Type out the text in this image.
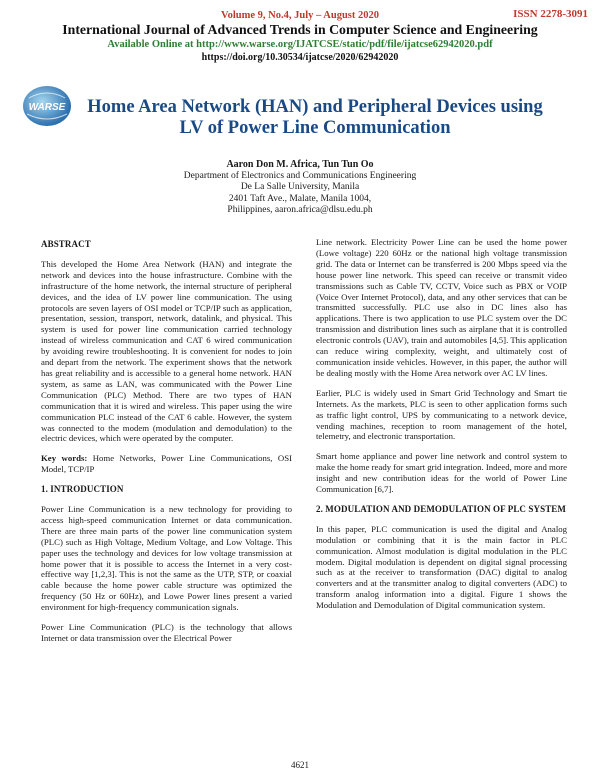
ISSN 2278-3091
Volume 9, No.4, July – August 2020
International Journal of Advanced Trends in Computer Science and Engineering
Available Online at http://www.warse.org/IJATCSE/static/pdf/file/ijatcse62942020.pdf
https://doi.org/10.30534/ijatcse/2020/62942020
WARSE	Home Area Network (HAN) and Peripheral Devices using
LV of Power Line Communication
Aaron Don M. Africa, Tun Tun Oo
Department of Electronics and Communications Engineering
De La Salle University, Manila
2401 Taft Ave., Malate, Manila 1004,
Philippines, aaron.africa@dlsu.edu.ph
ABSTRACT

This developed the Home Area Network (HAN) and integrate the network and devices into the house infrastructure. Combine with the infrastructure of the home network, the internal structure of peripheral devices, and the idea of LV power line communication. The using protocols are seven layers of OSI model or TCP/IP such as application, presentation, session, transport, network, datalink, and physical. This system is used for power line communication carried technology instead of wireless communication and CAT 6 wired communication by avoiding rewire troubleshooting. It is convenient for nodes to join and depart from the network. The experiment shows that the network has great reliability and is accessible to a general home network. HAN system, as same as LAN, was communicated with the Power Line Communication (PLC) Method. There are two types of HAN communication that it is wired and wireless. This paper using the wire communication PLC instead of the CAT 6 cable. However, the system was connected to the modem (modulation and demodulation) to the electric devices, which were operated by the computer.

Key words: Home Networks, Power Line Communications, OSI Model, TCP/IP

1. INTRODUCTION

Power Line Communication is a new technology for providing to access high-speed communication Internet or data communication. There are three main parts of the power line communication system (PLC) such as High Voltage, Medium Voltage, and Low Voltage. This paper uses the technology and devices for low voltage transmission at home power that it is possible to access the Internet in a very cost-effective way [1,2,3]. This is not the same as the UTP, STP, or coaxial cable because the home power cable structure was optimized the frequency (50 Hz or 60Hz), and Lowe Power lines present a varied environment for high-frequency communication signals.

Power Line Communication (PLC) is the technology that allows Internet or data transmission over the Electrical Power

Line network. Electricity Power Line can be used the home power (Lowe voltage) 220 60Hz or the national high voltage transmission grid. The data or Internet can be transferred is 200 Mbps speed via the house power line network. This speed can receive or transmit video transmissions such as Cable TV, CCTV, Voice such as PBX or VOIP (Voice Over Internet Protocol), data, and any other services that can be transmitted successfully. PLC use also in DC lines also has applications. There is two application to use PLC system over the DC transmission and distribution lines such as airplane that it is controlled electronic controls (UAV), train and automobiles [4,5]. This application can reduce wiring complexity, weight, and ultimately cost of communication inside vehicles. However, in this paper, the author will be dealing mostly with the Home Area network over AC LV lines.

Earlier, PLC is widely used in Smart Grid Technology and Smart tie Internets. As the markets, PLC is seen to other application forms such as traffic light control, UPS by communicating to a network device, vending machines, reception to room management of the hotel, telemetry, and electronic transportation.

Smart home appliance and power line network and control system to make the home ready for smart grid integration. Indeed, more and more insight and new contribution ideas for the world of Power Line Communication [6,7].

2. MODULATION AND DEMODULATION OF PLC SYSTEM

In this paper, PLC communication is used the digital and Analog modulation or combining that it is the main factor in PLC communication. Almost modulation is digital modulation in the PLC modem. Digital modulation is dependent on digital signal processing such as at the receiver to transformation (DAC) digital to analog converters and at the transmitter analog to digital converters (ADC) to transform analog information into a digital. Figure 1 shows the Modulation and Demodulation of Digital communication system.

4621
